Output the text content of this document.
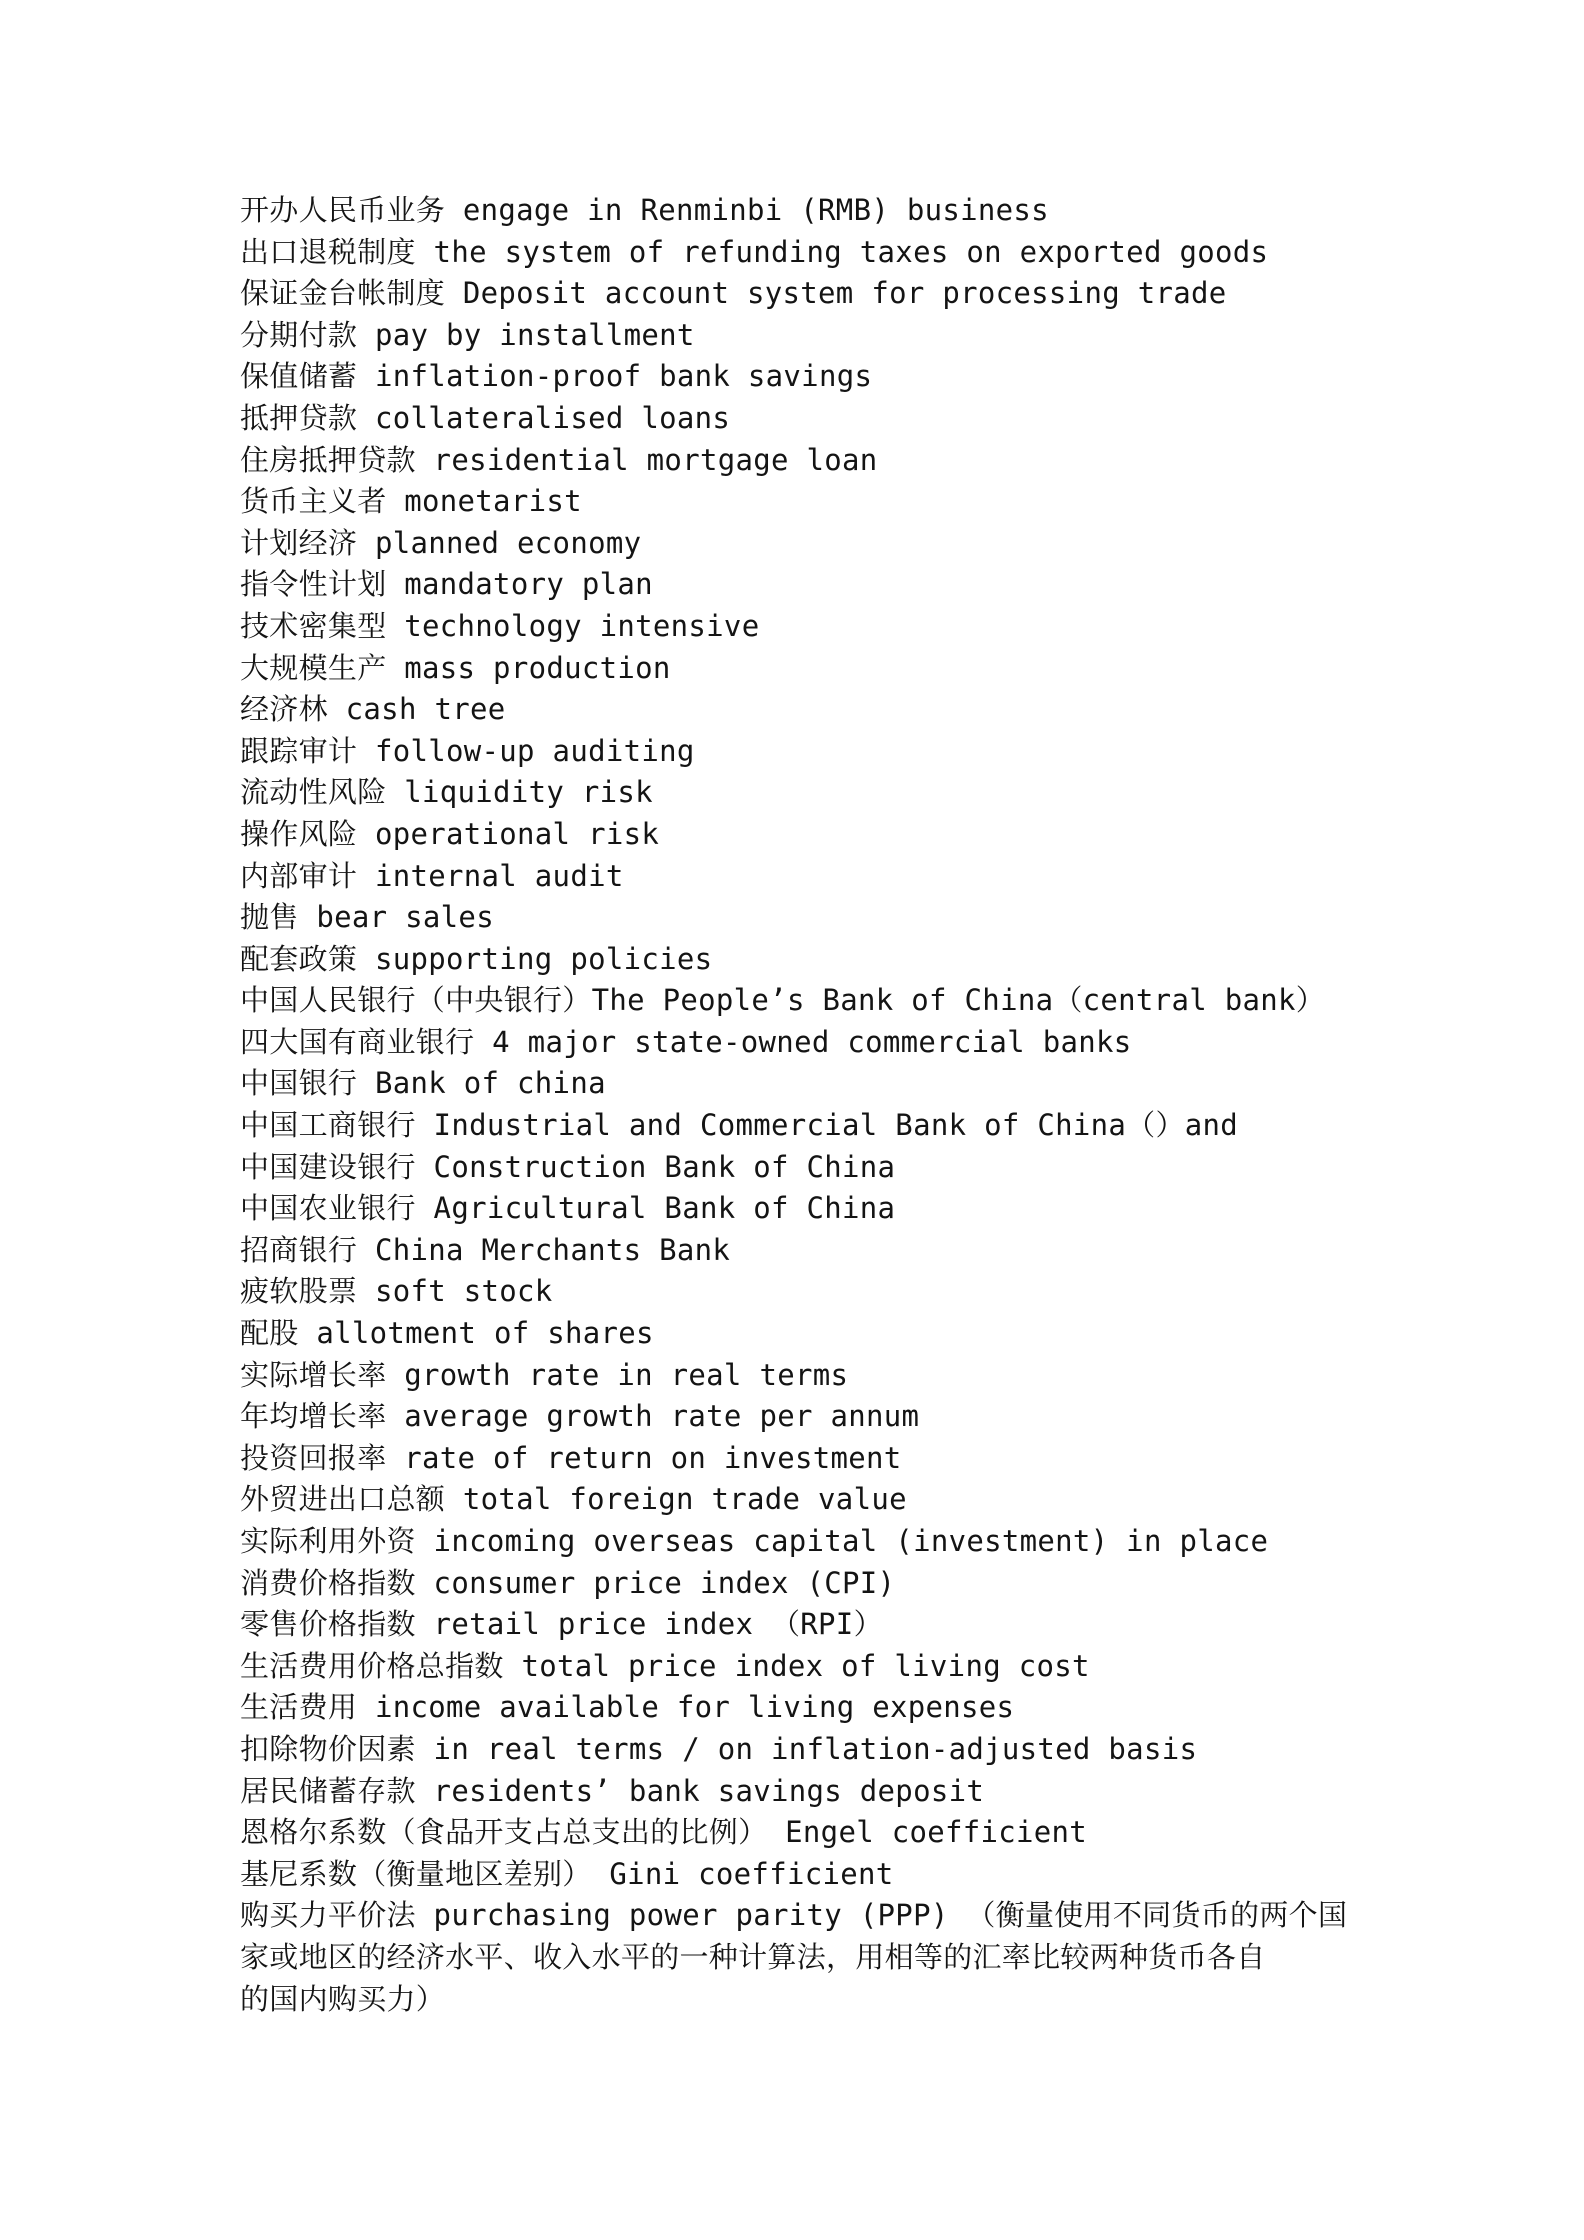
开办人民币业务 engage in Renminbi (RMB) business
出口退税制度 the system of refunding taxes on exported goods
保证金台帐制度 Deposit account system for processing trade
分期付款 pay by installment
保值储蓄 inflation-proof bank savings
抵押贷款 collateralised loans
住房抵押贷款 residential mortgage loan
货币主义者 monetarist
计划经济 planned economy
指令性计划 mandatory plan
技术密集型 technology intensive
大规模生产 mass production
经济林 cash tree
跟踪审计 follow-up auditing
流动性风险 liquidity risk
操作风险 operational risk
内部审计 internal audit
抛售 bear sales
配套政策 supporting policies
中国人民银行（中央银行）The People’s Bank of China（central bank）
四大国有商业银行 4 major state-owned commercial banks
中国银行 Bank of china
中国工商银行 Industrial and Commercial Bank of China（）and
中国建设银行 Construction Bank of China
中国农业银行 Agricultural Bank of China
招商银行 China Merchants Bank
疲软股票 soft stock
配股 allotment of shares
实际增长率 growth rate in real terms
年均增长率 average growth rate per annum
投资回报率 rate of return on investment
外贸进出口总额 total foreign trade value
实际利用外资 incoming overseas capital (investment) in place
消费价格指数 consumer price index (CPI)
零售价格指数 retail price index （RPI）
生活费用价格总指数 total price index of living cost
生活费用 income available for living expenses
扣除物价因素 in real terms / on inflation-adjusted basis
居民储蓄存款 residents’ bank savings deposit
恩格尔系数（食品开支占总支出的比例） Engel coefficient
基尼系数（衡量地区差别） Gini coefficient
购买力平价法 purchasing power parity (PPP) （衡量使用不同货币的两个国
家或地区的经济水平、收入水平的一种计算法，用相等的汇率比较两种货币各自
的国内购买力）
